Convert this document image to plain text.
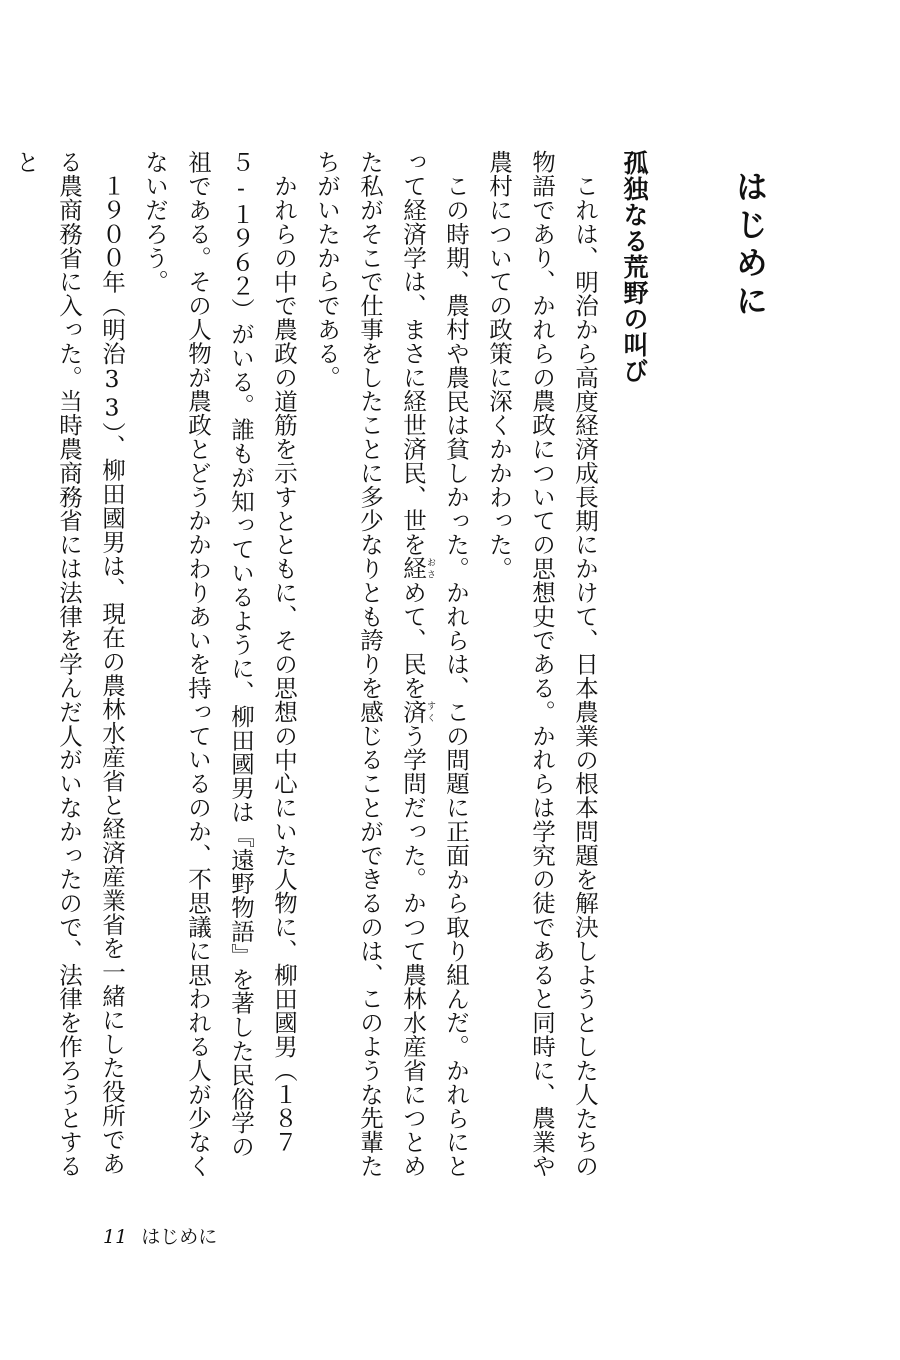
はじめに
孤独なる荒野の叫び

これは、明治から高度経済成長期にかけて、日本農業の根本問題を解決しようとした人たちの物語であり、かれらの農政についての思想史である。かれらは学究の徒であると同時に、農業や農村についての政策に深くかかわった。

この時期、農村や農民は貧しかった。かれらは、この問題に正面から取り組んだ。かれらにとって経済学は、まさに経世済民、世を経おさめて、民を済すくう学問だった。かつて農林水産省につとめた私がそこで仕事をしたことに多少なりとも誇りを感じることができるのは、このような先輩たちがいたからである。

かれらの中で農政の道筋を示すとともに、その思想の中心にいた人物に、柳田國男（１８７５-１９６２）がいる。誰もが知っているように、柳田國男は『遠野物語』を著した民俗学の祖である。その人物が農政とどうかかわりあいを持っているのか、不思議に思われる人が少なくないだろう。

１９００年（明治33）、柳田國男は、現在の農林水産省と経済産業省を一緒にした役所である農商務省に入った。当時農商務省には法律を学んだ人がいなかったので、法律を作ろうとすると

11 はじめに
